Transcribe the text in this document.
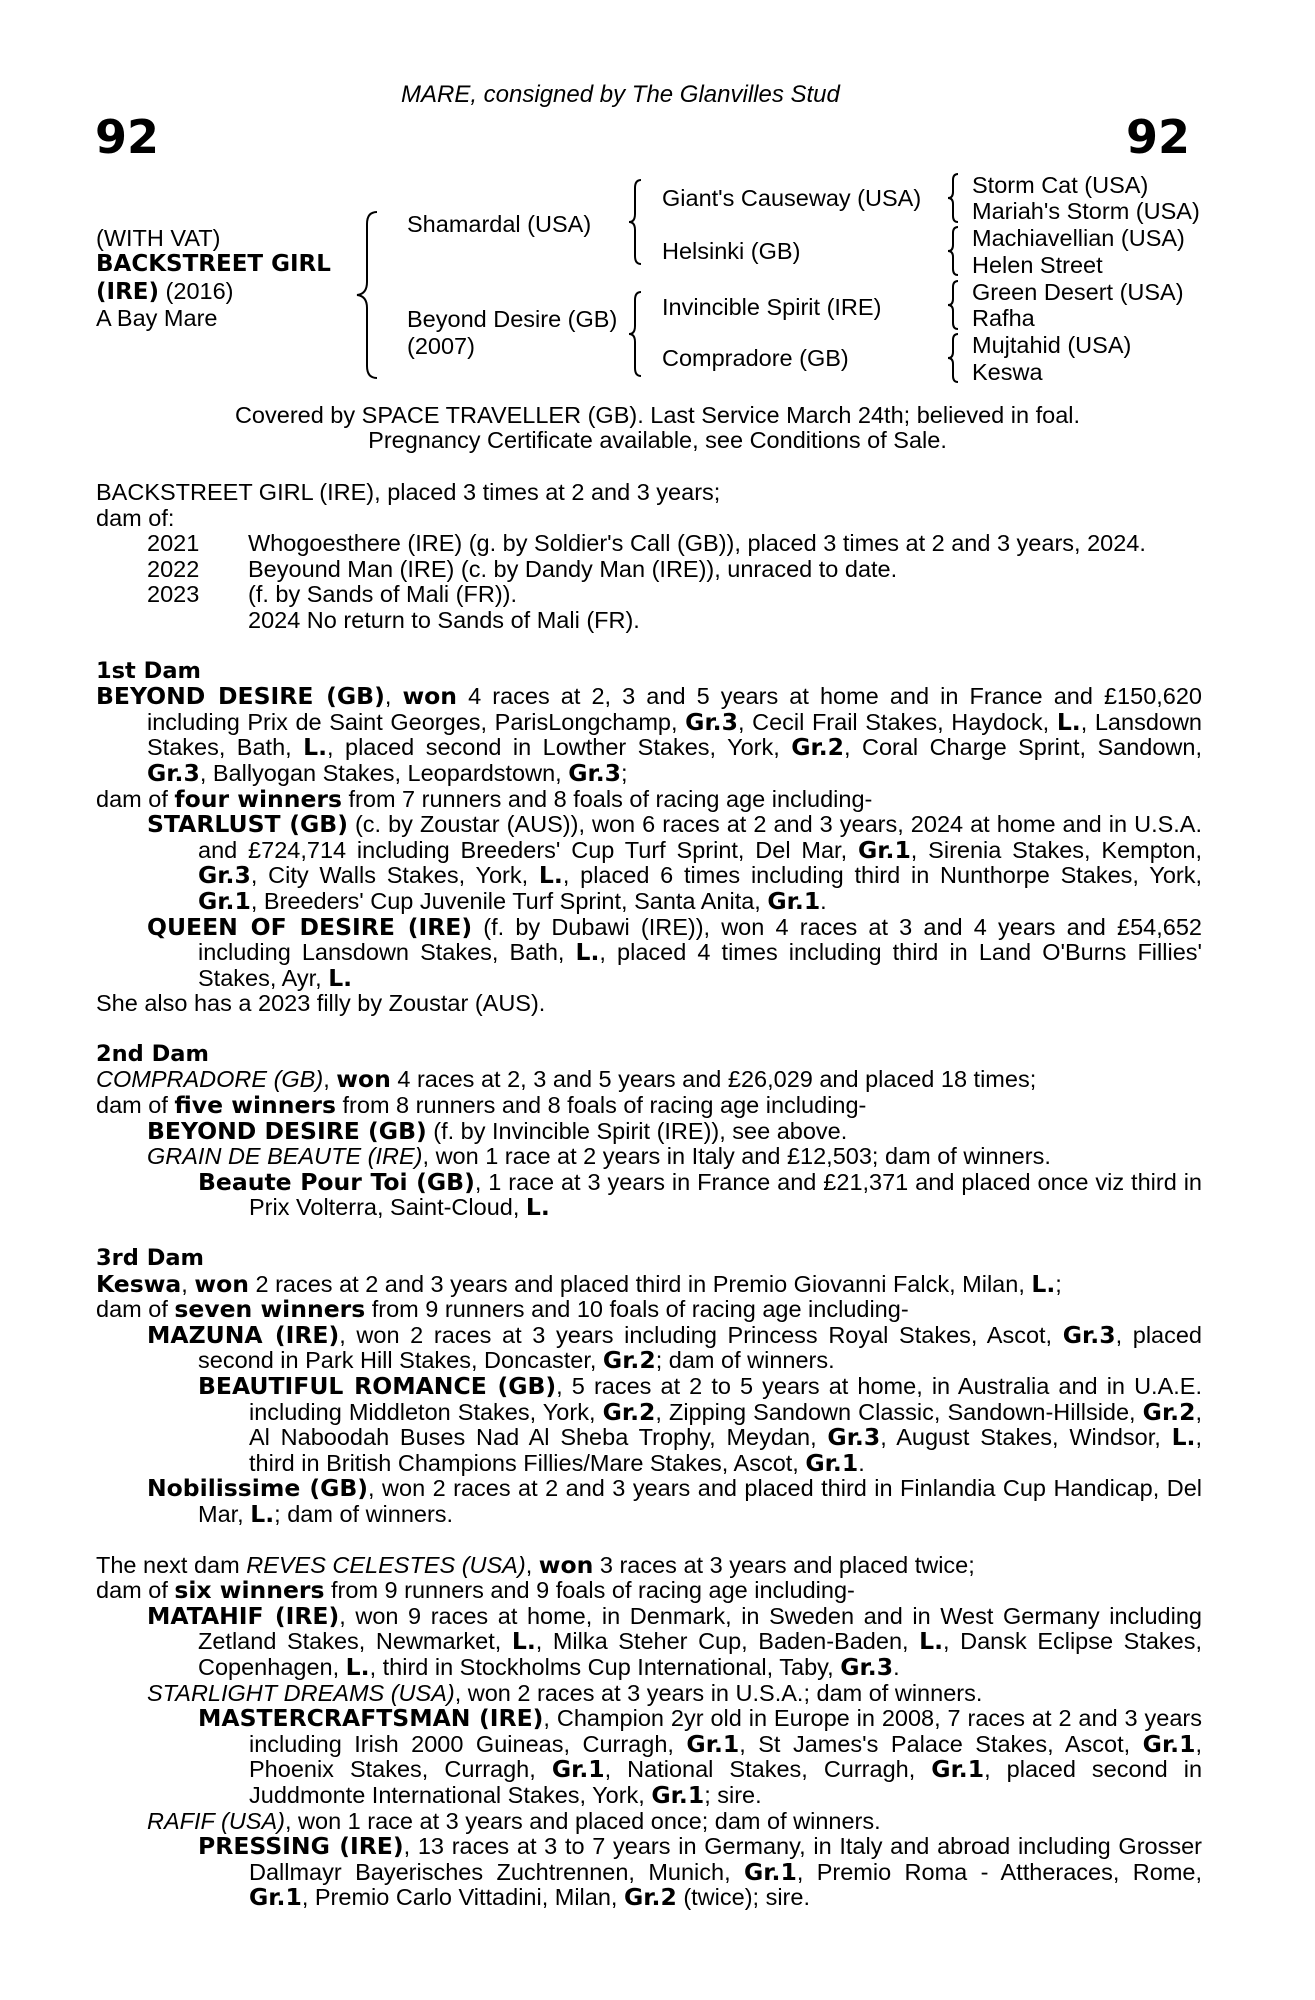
MARE, consigned by The Glanvilles Stud
92	92
(WITH VAT)
BACKSTREET GIRL
(IRE) (2016)
A Bay Mare
Shamardal (USA)
Beyond Desire (GB)
(2007)
Giant's Causeway (USA)
Helsinki (GB)
Invincible Spirit (IRE)
Compradore (GB)
Storm Cat (USA)
Mariah's Storm (USA)
Machiavellian (USA)
Helen Street
Green Desert (USA)
Rafha
Mujtahid (USA)
Keswa
Covered by SPACE TRAVELLER (GB). Last Service March 24th; believed in foal.
Pregnancy Certificate available, see Conditions of Sale.

BACKSTREET GIRL (IRE), placed 3 times at 2 and 3 years;

dam of:

2021	Whogoesthere (IRE) (g. by Soldier's Call (GB)), placed 3 times at 2 and 3 years, 2024.
2022	Beyound Man (IRE) (c. by Dandy Man (IRE)), unraced to date.
2023	(f. by Sands of Mali (FR)).
2024 No return to Sands of Mali (FR).

1st Dam

BEYOND DESIRE (GB), won 4 races at 2, 3 and 5 years at home and in France and £150,620 including Prix de Saint Georges, ParisLongchamp, Gr.3, Cecil Frail Stakes, Haydock, L., Lansdown Stakes, Bath, L., placed second in Lowther Stakes, York, Gr.2, Coral Charge Sprint, Sandown, Gr.3, Ballyogan Stakes, Leopardstown, Gr.3;

dam of four winners from 7 runners and 8 foals of racing age including-

STARLUST (GB) (c. by Zoustar (AUS)), won 6 races at 2 and 3 years, 2024 at home and in U.S.A. and £724,714 including Breeders' Cup Turf Sprint, Del Mar, Gr.1, Sirenia Stakes, Kempton, Gr.3, City Walls Stakes, York, L., placed 6 times including third in Nunthorpe Stakes, York, Gr.1, Breeders' Cup Juvenile Turf Sprint, Santa Anita, Gr.1.

QUEEN OF DESIRE (IRE) (f. by Dubawi (IRE)), won 4 races at 3 and 4 years and £54,652 including Lansdown Stakes, Bath, L., placed 4 times including third in Land O'Burns Fillies' Stakes, Ayr, L.

She also has a 2023 filly by Zoustar (AUS).

2nd Dam

COMPRADORE (GB), won 4 races at 2, 3 and 5 years and £26,029 and placed 18 times;

dam of five winners from 8 runners and 8 foals of racing age including-

BEYOND DESIRE (GB) (f. by Invincible Spirit (IRE)), see above.

GRAIN DE BEAUTE (IRE), won 1 race at 2 years in Italy and £12,503; dam of winners.

Beaute Pour Toi (GB), 1 race at 3 years in France and £21,371 and placed once viz third in Prix Volterra, Saint-Cloud, L.

3rd Dam

Keswa, won 2 races at 2 and 3 years and placed third in Premio Giovanni Falck, Milan, L.;

dam of seven winners from 9 runners and 10 foals of racing age including-

MAZUNA (IRE), won 2 races at 3 years including Princess Royal Stakes, Ascot, Gr.3, placed second in Park Hill Stakes, Doncaster, Gr.2; dam of winners.

BEAUTIFUL ROMANCE (GB), 5 races at 2 to 5 years at home, in Australia and in U.A.E. including Middleton Stakes, York, Gr.2, Zipping Sandown Classic, Sandown-Hillside, Gr.2, Al Naboodah Buses Nad Al Sheba Trophy, Meydan, Gr.3, August Stakes, Windsor, L., third in British Champions Fillies/Mare Stakes, Ascot, Gr.1.

Nobilissime (GB), won 2 races at 2 and 3 years and placed third in Finlandia Cup Handicap, Del Mar, L.; dam of winners.

The next dam REVES CELESTES (USA), won 3 races at 3 years and placed twice;

dam of six winners from 9 runners and 9 foals of racing age including-

MATAHIF (IRE), won 9 races at home, in Denmark, in Sweden and in West Germany including Zetland Stakes, Newmarket, L., Milka Steher Cup, Baden-Baden, L., Dansk Eclipse Stakes, Copenhagen, L., third in Stockholms Cup International, Taby, Gr.3.

STARLIGHT DREAMS (USA), won 2 races at 3 years in U.S.A.; dam of winners.

MASTERCRAFTSMAN (IRE), Champion 2yr old in Europe in 2008, 7 races at 2 and 3 years including Irish 2000 Guineas, Curragh, Gr.1, St James's Palace Stakes, Ascot, Gr.1, Phoenix Stakes, Curragh, Gr.1, National Stakes, Curragh, Gr.1, placed second in Juddmonte International Stakes, York, Gr.1; sire.

RAFIF (USA), won 1 race at 3 years and placed once; dam of winners.

PRESSING (IRE), 13 races at 3 to 7 years in Germany, in Italy and abroad including Grosser Dallmayr Bayerisches Zuchtrennen, Munich, Gr.1, Premio Roma - Attheraces, Rome, Gr.1, Premio Carlo Vittadini, Milan, Gr.2 (twice); sire.
